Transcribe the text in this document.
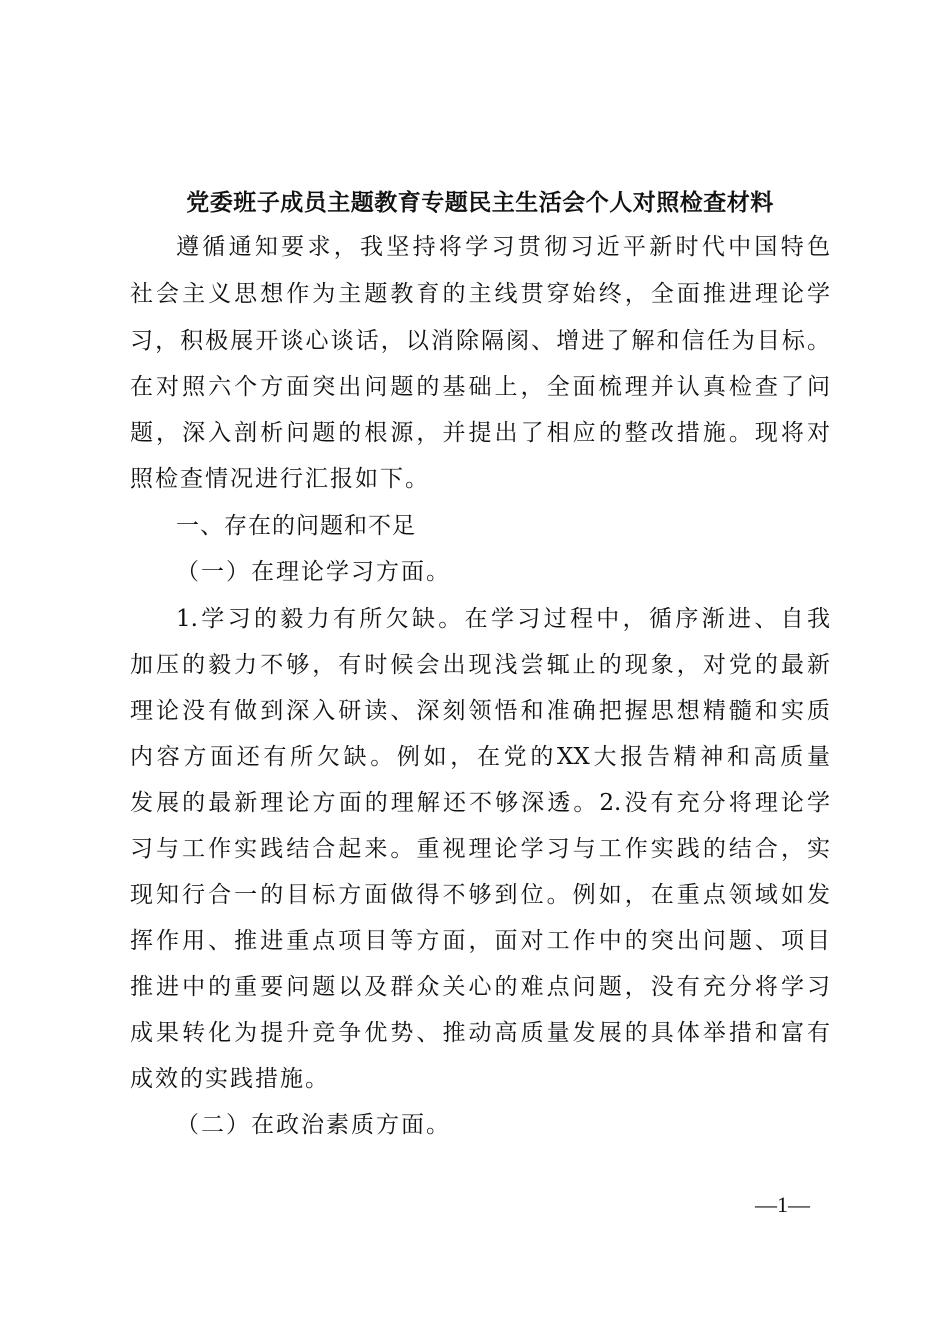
党委班子成员主题教育专题民主生活会个人对照检查材料
遵循通知要求，我坚持将学习贯彻习近平新时代中国特色
社会主义思想作为主题教育的主线贯穿始终，全面推进理论学
习，积极展开谈心谈话，以消除隔阂、增进了解和信任为目标。
在对照六个方面突出问题的基础上，全面梳理并认真检查了问
题，深入剖析问题的根源，并提出了相应的整改措施。现将对
照检查情况进行汇报如下。
一、存在的问题和不足
（一）在理论学习方面。
1.学习的毅力有所欠缺。在学习过程中，循序渐进、自我
加压的毅力不够，有时候会出现浅尝辄止的现象，对党的最新
理论没有做到深入研读、深刻领悟和准确把握思想精髓和实质
内容方面还有所欠缺。例如，在党的XX大报告精神和高质量
发展的最新理论方面的理解还不够深透。2.没有充分将理论学
习与工作实践结合起来。重视理论学习与工作实践的结合，实
现知行合一的目标方面做得不够到位。例如，在重点领域如发
挥作用、推进重点项目等方面，面对工作中的突出问题、项目
推进中的重要问题以及群众关心的难点问题，没有充分将学习
成果转化为提升竞争优势、推动高质量发展的具体举措和富有
成效的实践措施。
（二）在政治素质方面。
—1—
